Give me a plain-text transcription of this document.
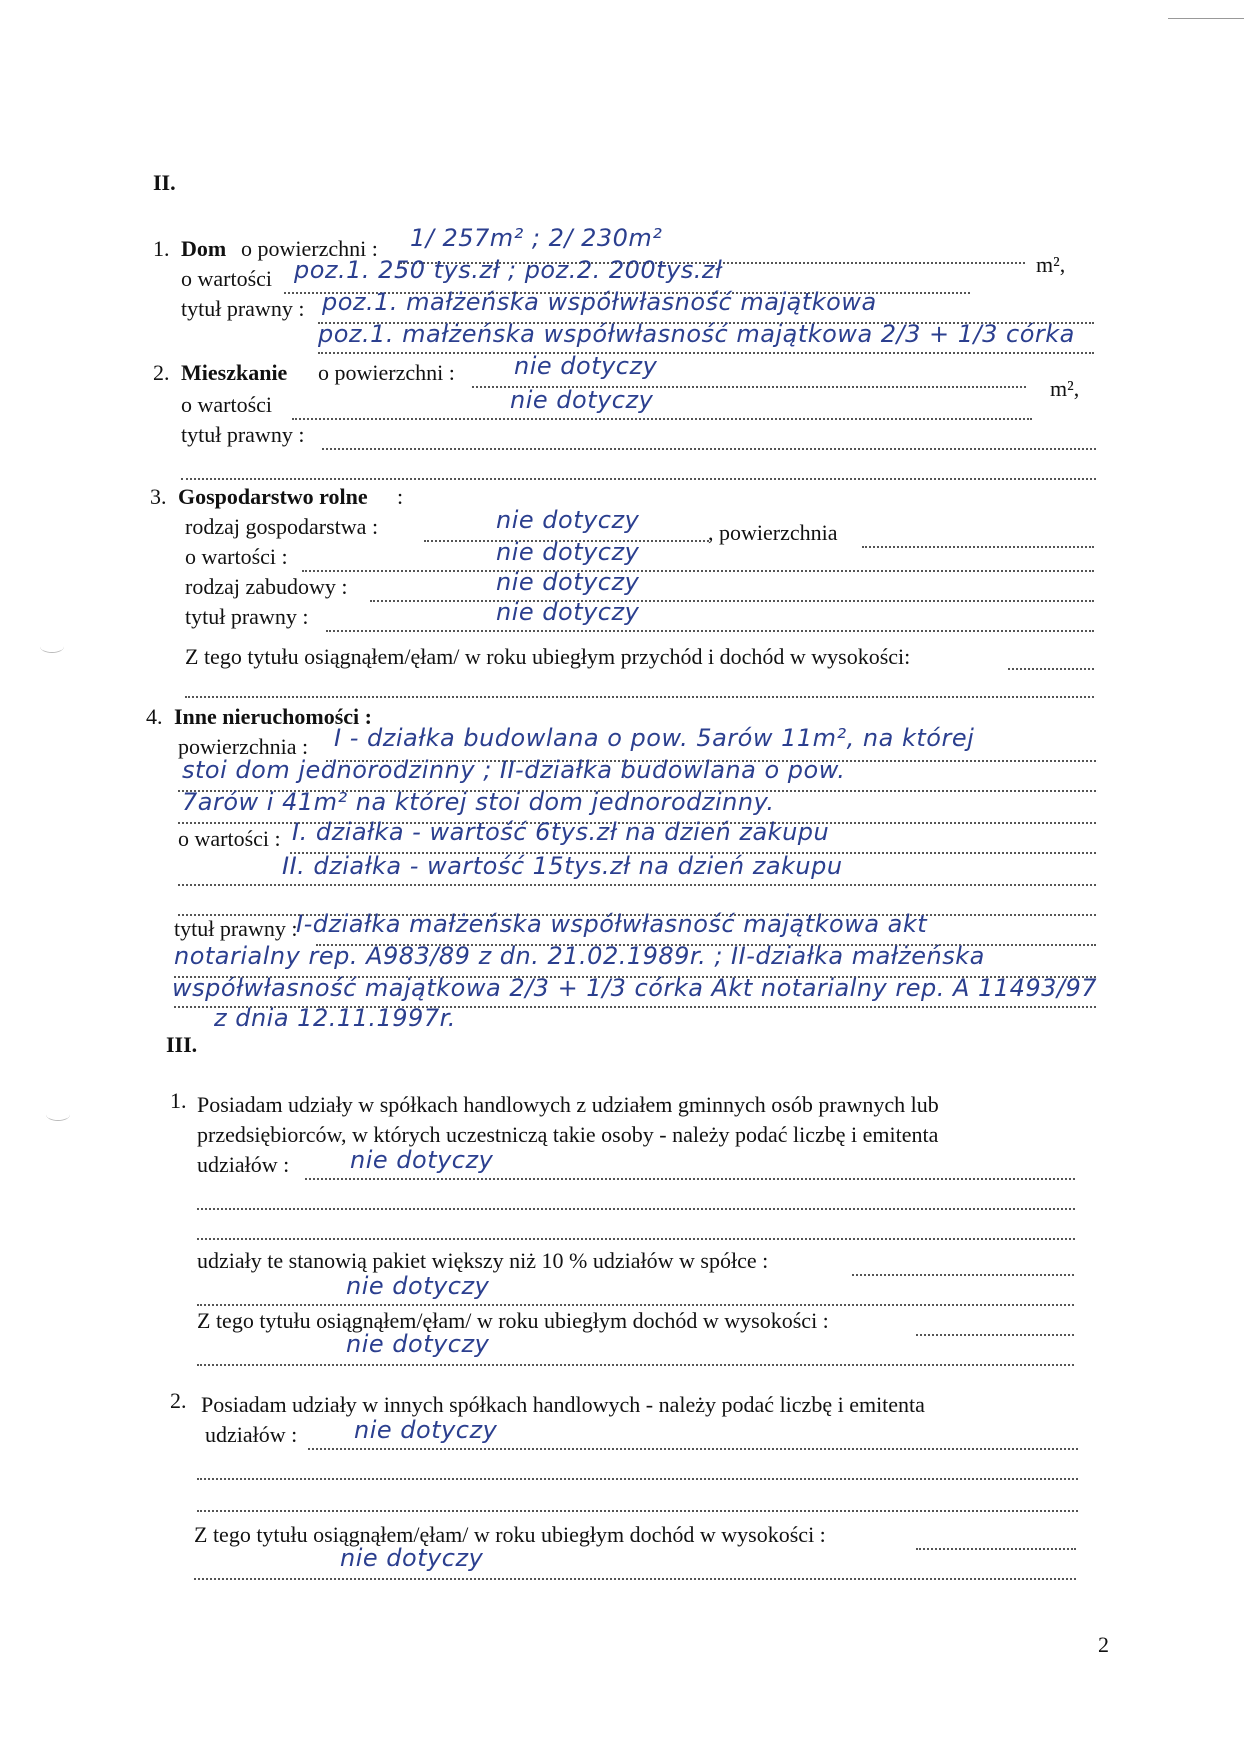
II.
1. Dom o powierzchni : 1/ 257m² ; 2/ 230m²
m²,
o wartości poz.1. 250 tys.zł ; poz.2. 200tys.zł
tytuł prawny : poz.1. małżeńska współwłasność majątkowa
poz.1. małżeńska współwłasność majątkowa 2/3 + 1/3 córka
2. Mieszkanie o powierzchni : nie dotyczy
m²,
o wartości	nie dotyczy
tytuł prawny :
3. Gospodarstwo rolne :
rodzaj gospodarstwa :	nie dotyczy	, powierzchnia
o wartości :	nie dotyczy
rodzaj zabudowy :	nie dotyczy
tytuł prawny :	nie dotyczy
Z tego tytułu osiągnąłem/ęłam/ w roku ubiegłym przychód i dochód w wysokości:
4. Inne nieruchomości :
powierzchnia : I - działka budowlana o pow. 5arów 11m², na której
stoi dom jednorodzinny ; II-działka budowlana o pow.
7arów i 41m² na której stoi dom jednorodzinny.
o wartości : I. działka - wartość 6tys.zł na dzień zakupu
II. działka - wartość 15tys.zł na dzień zakupu
tytuł prawny :
I-działka małżeńska współwłasność majątkowa akt
notarialny rep. A983/89 z dn. 21.02.1989r. ; II-działka małżeńska
współwłasność majątkowa 2/3 + 1/3 córka Akt notarialny rep. A 11493/97
z dnia 12.11.1997r.
III.
1. Posiadam udziały w spółkach handlowych z udziałem gminnych osób prawnych lub
przedsiębiorców, w których uczestniczą takie osoby - należy podać liczbę i emitenta
udziałów :	nie dotyczy
udziały te stanowią pakiet większy niż 10 % udziałów w spółce :
nie dotyczy
Z tego tytułu osiągnąłem/ęłam/ w roku ubiegłym dochód w wysokości :
nie dotyczy
2. Posiadam udziały w innych spółkach handlowych - należy podać liczbę i emitenta
udziałów : nie dotyczy
Z tego tytułu osiągnąłem/ęłam/ w roku ubiegłym dochód w wysokości :
nie dotyczy
2
